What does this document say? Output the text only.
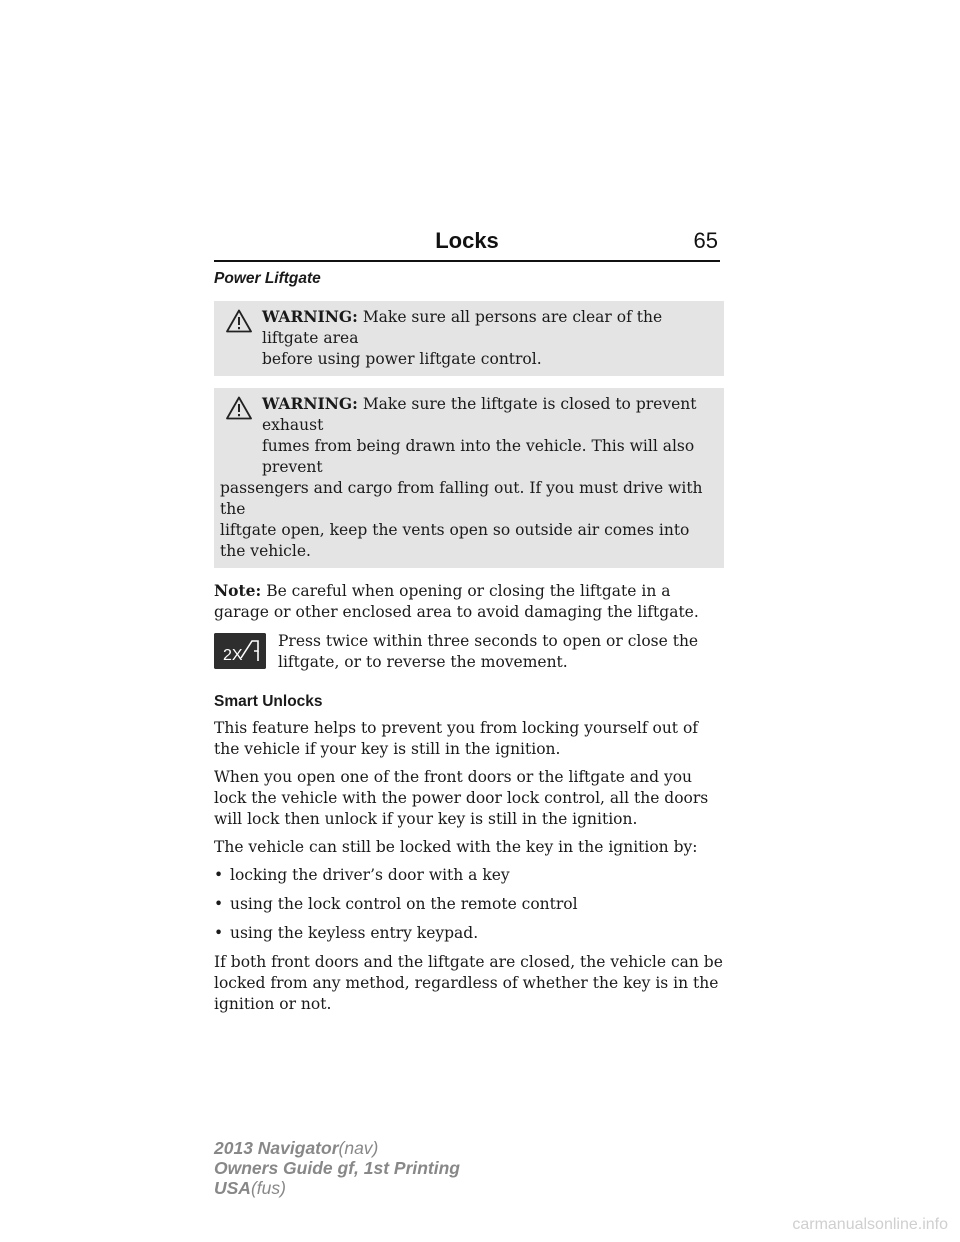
Locks	65
Power Liftgate
WARNING: Make sure all persons are clear of the liftgate area
before using power liftgate control.
WARNING: Make sure the liftgate is closed to prevent exhaust
fumes from being drawn into the vehicle. This will also prevent
passengers and cargo from falling out. If you must drive with the
liftgate open, keep the vents open so outside air comes into the vehicle.

Note: Be careful when opening or closing the liftgate in a garage or other enclosed area to avoid damaging the liftgate.

2X
Press twice within three seconds to open or close the liftgate, or to reverse the movement.
Smart Unlocks

This feature helps to prevent you from locking yourself out of the vehicle if your key is still in the ignition.

When you open one of the front doors or the liftgate and you lock the vehicle with the power door lock control, all the doors will lock then unlock if your key is still in the ignition.

The vehicle can still be locked with the key in the ignition by:

• locking the driver’s door with a key
• using the lock control on the remote control
• using the keyless entry keypad.

If both front doors and the liftgate are closed, the vehicle can be locked from any method, regardless of whether the key is in the ignition or not.

2013 Navigator(nav)
Owners Guide gf, 1st Printing
USA(fus)
carmanualsonline.info
